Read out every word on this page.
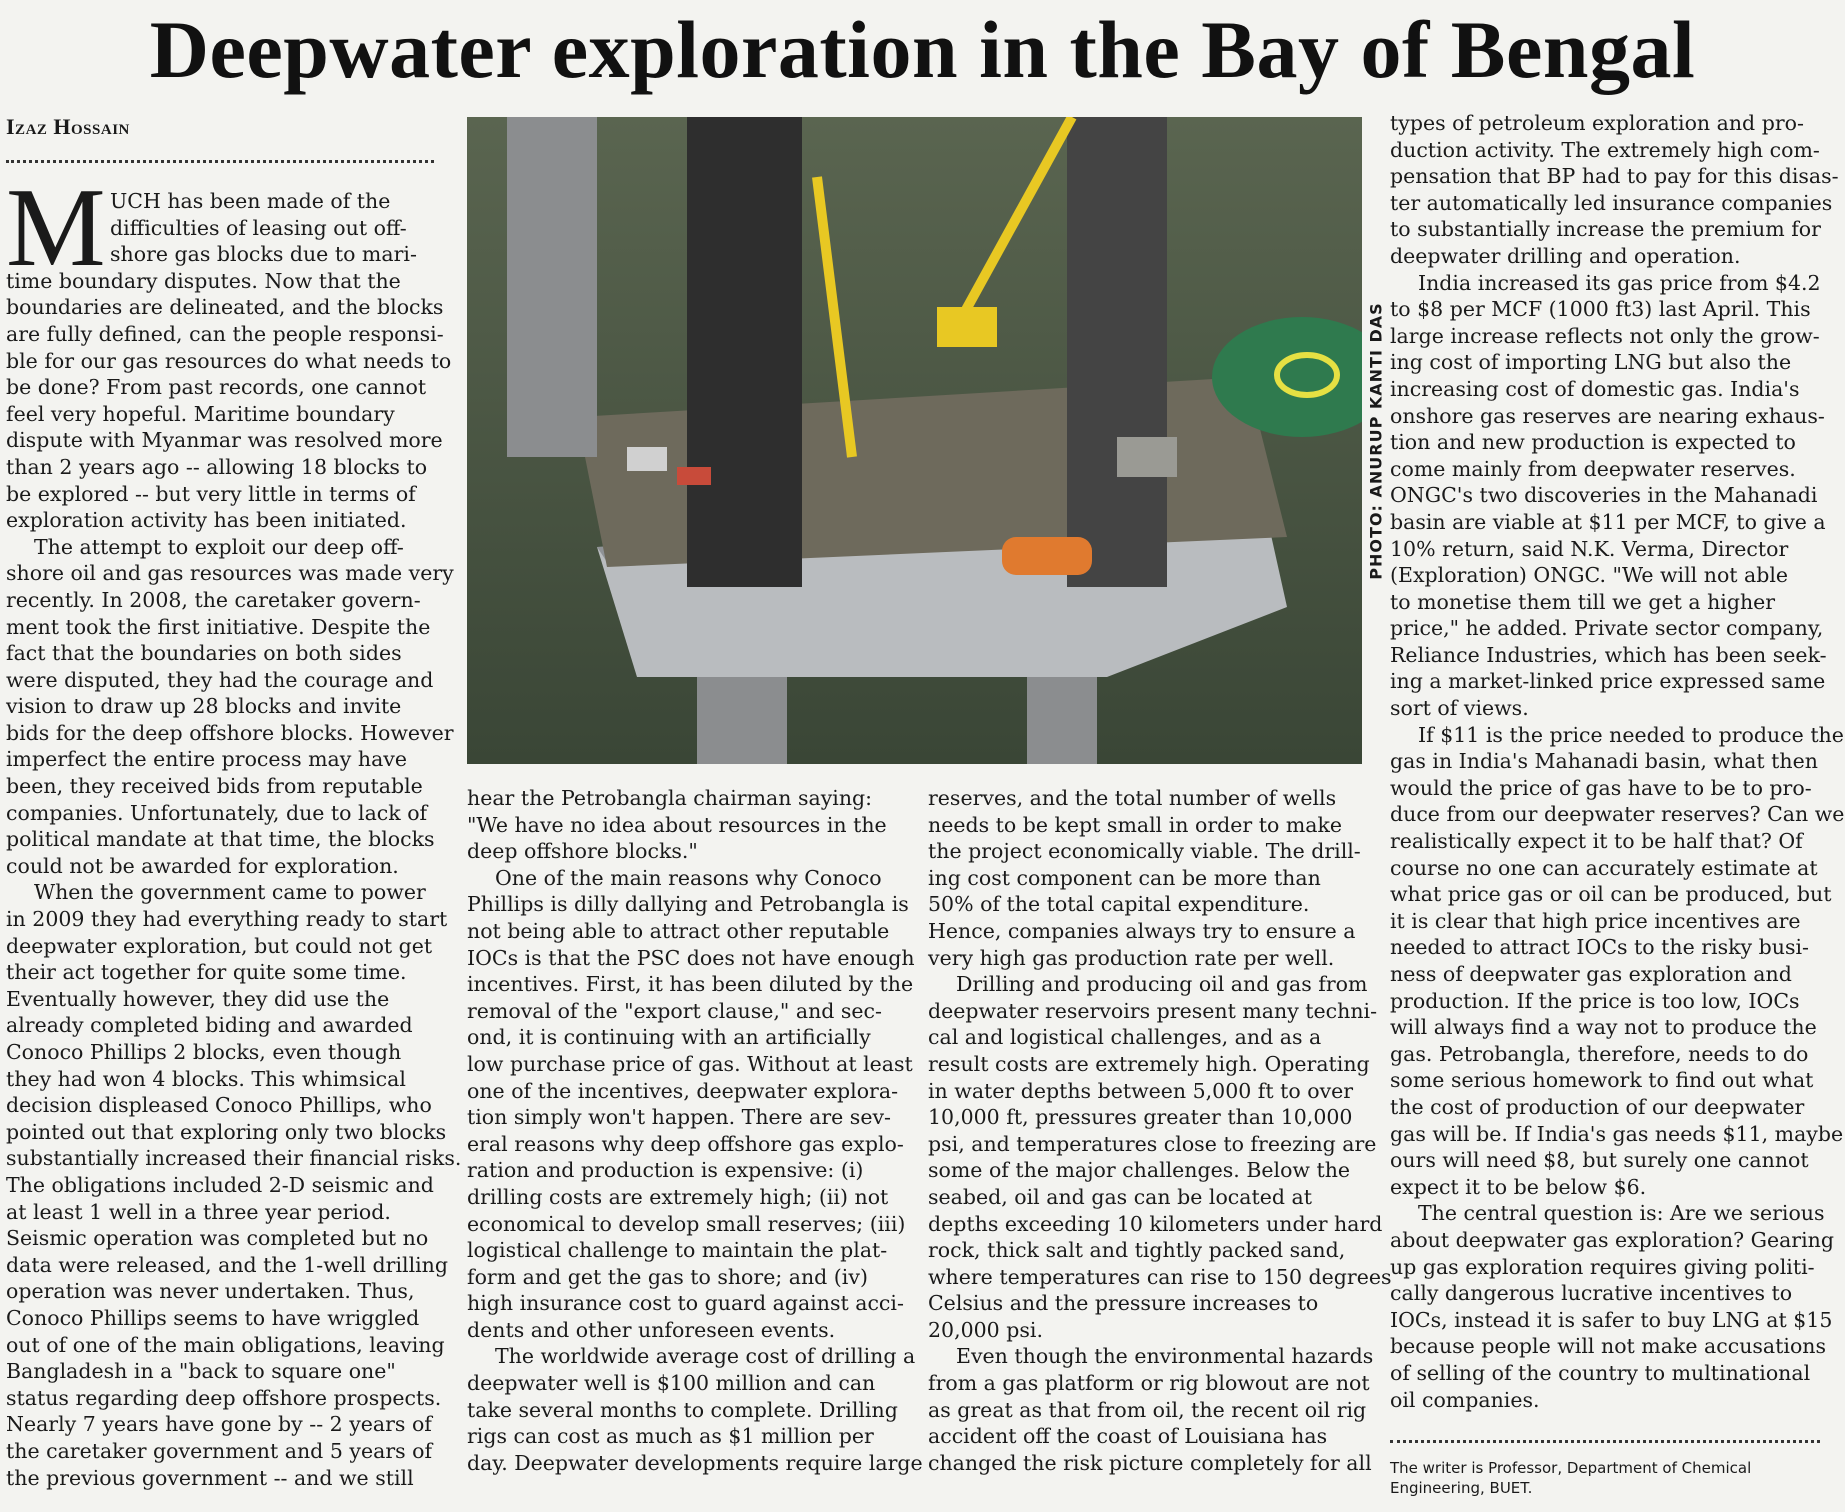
Deepwater exploration in the Bay of Bengal
Izaz Hossain
M UCH has been made of the
difficulties of leasing out off-
shore gas blocks due to mari-
time boundary disputes. Now that the
boundaries are delineated, and the blocks
are fully defined, can the people responsi-
ble for our gas resources do what needs to
be done? From past records, one cannot
feel very hopeful. Maritime boundary
dispute with Myanmar was resolved more
than 2 years ago -- allowing 18 blocks to
be explored -- but very little in terms of
exploration activity has been initiated.
The attempt to exploit our deep off-
shore oil and gas resources was made very
recently. In 2008, the caretaker govern-
ment took the first initiative. Despite the
fact that the boundaries on both sides
were disputed, they had the courage and
vision to draw up 28 blocks and invite
bids for the deep offshore blocks. However
imperfect the entire process may have
been, they received bids from reputable
companies. Unfortunately, due to lack of
political mandate at that time, the blocks
could not be awarded for exploration.
When the government came to power
in 2009 they had everything ready to start
deepwater exploration, but could not get
their act together for quite some time.
Eventually however, they did use the
already completed biding and awarded
Conoco Phillips 2 blocks, even though
they had won 4 blocks. This whimsical
decision displeased Conoco Phillips, who
pointed out that exploring only two blocks
substantially increased their financial risks.
The obligations included 2-D seismic and
at least 1 well in a three year period.
Seismic operation was completed but no
data were released, and the 1-well drilling
operation was never undertaken. Thus,
Conoco Phillips seems to have wriggled
out of one of the main obligations, leaving
Bangladesh in a "back to square one"
status regarding deep offshore prospects.
Nearly 7 years have gone by -- 2 years of
the caretaker government and 5 years of
the previous government -- and we still
PHOTO: ANURUP KANTI DAS
hear the Petrobangla chairman saying:
"We have no idea about resources in the
deep offshore blocks."
One of the main reasons why Conoco
Phillips is dilly dallying and Petrobangla is
not being able to attract other reputable
IOCs is that the PSC does not have enough
incentives. First, it has been diluted by the
removal of the "export clause," and sec-
ond, it is continuing with an artificially
low purchase price of gas. Without at least
one of the incentives, deepwater explora-
tion simply won't happen. There are sev-
eral reasons why deep offshore gas explo-
ration and production is expensive: (i)
drilling costs are extremely high; (ii) not
economical to develop small reserves; (iii)
logistical challenge to maintain the plat-
form and get the gas to shore; and (iv)
high insurance cost to guard against acci-
dents and other unforeseen events.
The worldwide average cost of drilling a
deepwater well is $100 million and can
take several months to complete. Drilling
rigs can cost as much as $1 million per
day. Deepwater developments require large
reserves, and the total number of wells
needs to be kept small in order to make
the project economically viable. The drill-
ing cost component can be more than
50% of the total capital expenditure.
Hence, companies always try to ensure a
very high gas production rate per well.
Drilling and producing oil and gas from
deepwater reservoirs present many techni-
cal and logistical challenges, and as a
result costs are extremely high. Operating
in water depths between 5,000 ft to over
10,000 ft, pressures greater than 10,000
psi, and temperatures close to freezing are
some of the major challenges. Below the
seabed, oil and gas can be located at
depths exceeding 10 kilometers under hard
rock, thick salt and tightly packed sand,
where temperatures can rise to 150 degrees
Celsius and the pressure increases to
20,000 psi.
Even though the environmental hazards
from a gas platform or rig blowout are not
as great as that from oil, the recent oil rig
accident off the coast of Louisiana has
changed the risk picture completely for all
types of petroleum exploration and pro-
duction activity. The extremely high com-
pensation that BP had to pay for this disas-
ter automatically led insurance companies
to substantially increase the premium for
deepwater drilling and operation.
India increased its gas price from $4.2
to $8 per MCF (1000 ft3) last April. This
large increase reflects not only the grow-
ing cost of importing LNG but also the
increasing cost of domestic gas. India's
onshore gas reserves are nearing exhaus-
tion and new production is expected to
come mainly from deepwater reserves.
ONGC's two discoveries in the Mahanadi
basin are viable at $11 per MCF, to give a
10% return, said N.K. Verma, Director
(Exploration) ONGC. "We will not able
to monetise them till we get a higher
price," he added. Private sector company,
Reliance Industries, which has been seek-
ing a market-linked price expressed same
sort of views.
If $11 is the price needed to produce the
gas in India's Mahanadi basin, what then
would the price of gas have to be to pro-
duce from our deepwater reserves? Can we
realistically expect it to be half that? Of
course no one can accurately estimate at
what price gas or oil can be produced, but
it is clear that high price incentives are
needed to attract IOCs to the risky busi-
ness of deepwater gas exploration and
production. If the price is too low, IOCs
will always find a way not to produce the
gas. Petrobangla, therefore, needs to do
some serious homework to find out what
the cost of production of our deepwater
gas will be. If India's gas needs $11, maybe
ours will need $8, but surely one cannot
expect it to be below $6.
The central question is: Are we serious
about deepwater gas exploration? Gearing
up gas exploration requires giving politi-
cally dangerous lucrative incentives to
IOCs, instead it is safer to buy LNG at $15
because people will not make accusations
of selling of the country to multinational
oil companies.
The writer is Professor, Department of Chemical
Engineering, BUET.
